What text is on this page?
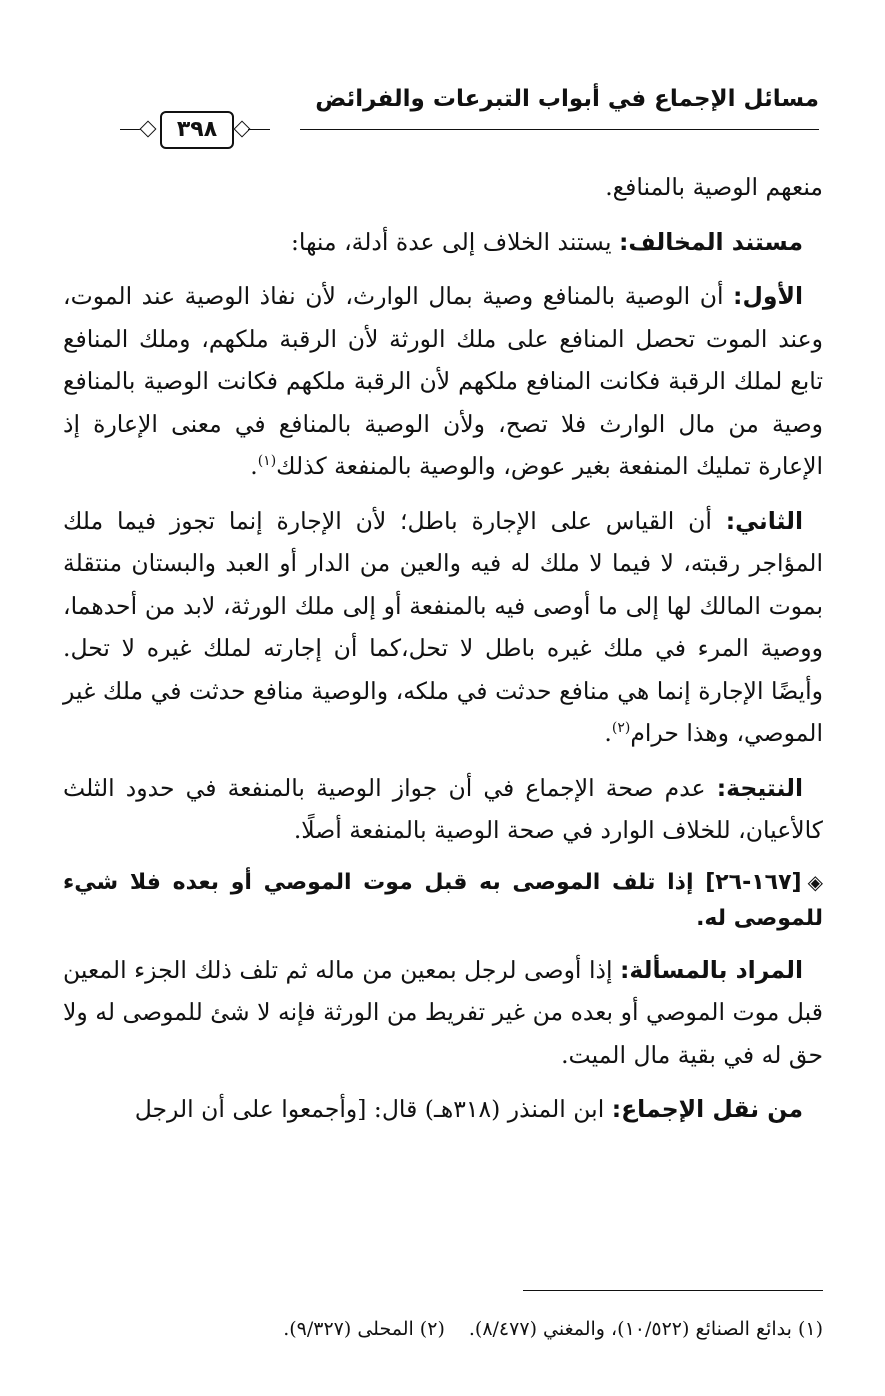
مسائل الإجماع في أبواب التبرعات والفرائض
٣٩٨

منعهم الوصية بالمنافع.

مستند المخالف: يستند الخلاف إلى عدة أدلة، منها:

الأول: أن الوصية بالمنافع وصية بمال الوارث، لأن نفاذ الوصية عند الموت، وعند الموت تحصل المنافع على ملك الورثة لأن الرقبة ملكهم، وملك المنافع تابع لملك الرقبة فكانت المنافع ملكهم لأن الرقبة ملكهم فكانت الوصية بالمنافع وصية من مال الوارث فلا تصح، ولأن الوصية بالمنافع في معنى الإعارة إذ الإعارة تمليك المنفعة بغير عوض، والوصية بالمنفعة كذلك$^{(١)}$.

الثاني: أن القياس على الإجارة باطل؛ لأن الإجارة إنما تجوز فيما ملك المؤاجر رقبته، لا فيما لا ملك له فيه والعين من الدار أو العبد والبستان منتقلة بموت المالك لها إلى ما أوصى فيه بالمنفعة أو إلى ملك الورثة، لابد من أحدهما، ووصية المرء في ملك غيره باطل لا تحل،كما أن إجارته لملك غيره لا تحل. وأيضًا الإجارة إنما هي منافع حدثت في ملكه، والوصية منافع حدثت في ملك غير الموصي، وهذا حرام$^{(٢)}$.

النتيجة: عدم صحة الإجماع في أن جواز الوصية بالمنفعة في حدود الثلث كالأعيان، للخلاف الوارد في صحة الوصية بالمنفعة أصلًا.

◈[١٦٧-٢٦] إذا تلف الموصى به قبل موت الموصي أو بعده فلا شيء للموصى له.

المراد بالمسألة: إذا أوصى لرجل بمعين من ماله ثم تلف ذلك الجزء المعين قبل موت الموصي أو بعده من غير تفريط من الورثة فإنه لا شئ للموصى له ولا حق له في بقية مال الميت.

من نقل الإجماع: ابن المنذر (٣١٨هـ) قال: [وأجمعوا على أن الرجل

(١) بدائع الصنائع (١٠/٥٢٢)، والمغني (٨/٤٧٧).(٢) المحلى (٩/٣٢٧).
